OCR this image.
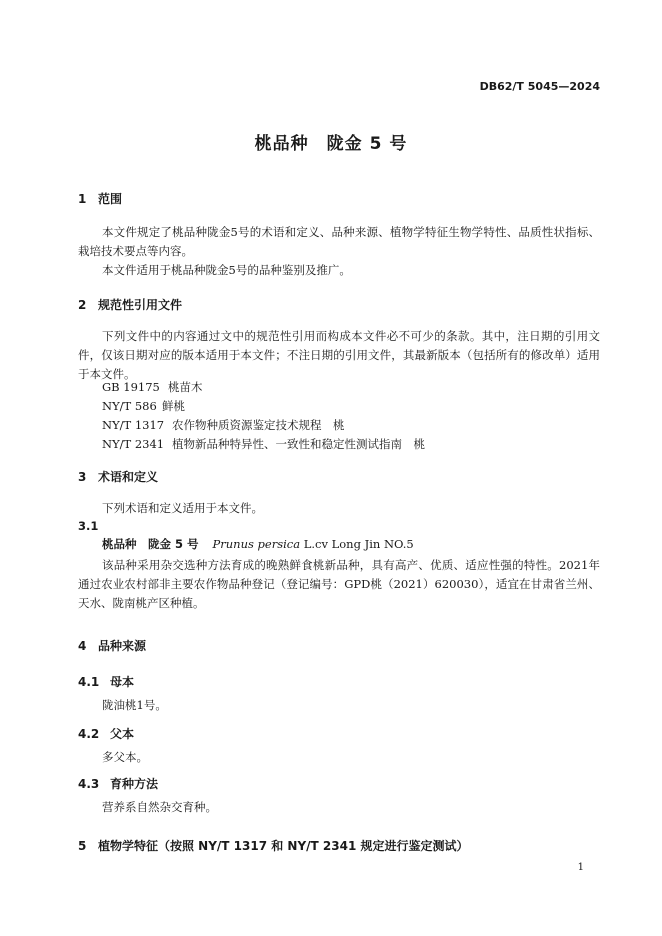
DB62/T 5045—2024
桃品种 陇金 5 号
1 范围
本文件规定了桃品种陇金5号的术语和定义、品种来源、植物学特征生物学特性、品质性状指标、栽培技术要点等内容。
本文件适用于桃品种陇金5号的品种鉴别及推广。
2 规范性引用文件
下列文件中的内容通过文中的规范性引用而构成本文件必不可少的条款。其中，注日期的引用文件，仅该日期对应的版本适用于本文件；不注日期的引用文件，其最新版本（包括所有的修改单）适用于本文件。
GB 19175 桃苗木
NY/T 586 鲜桃
NY/T 1317 农作物种质资源鉴定技术规程　桃
NY/T 2341 植物新品种特异性、一致性和稳定性测试指南　桃
3 术语和定义
下列术语和定义适用于本文件。
3.1
桃品种　陇金 5 号 Prunus persica L.cv Long Jin NO.5
该品种采用杂交选种方法育成的晚熟鲜食桃新品种，具有高产、优质、适应性强的特性。2021年通过农业农村部非主要农作物品种登记（登记编号：GPD桃（2021）620030），适宜在甘肃省兰州、天水、陇南桃产区种植。
4 品种来源
4.1 母本
陇油桃1号。
4.2 父本
多父本。
4.3 育种方法
营养系自然杂交育种。
5 植物学特征（按照 NY/T 1317 和 NY/T 2341 规定进行鉴定测试）
1
